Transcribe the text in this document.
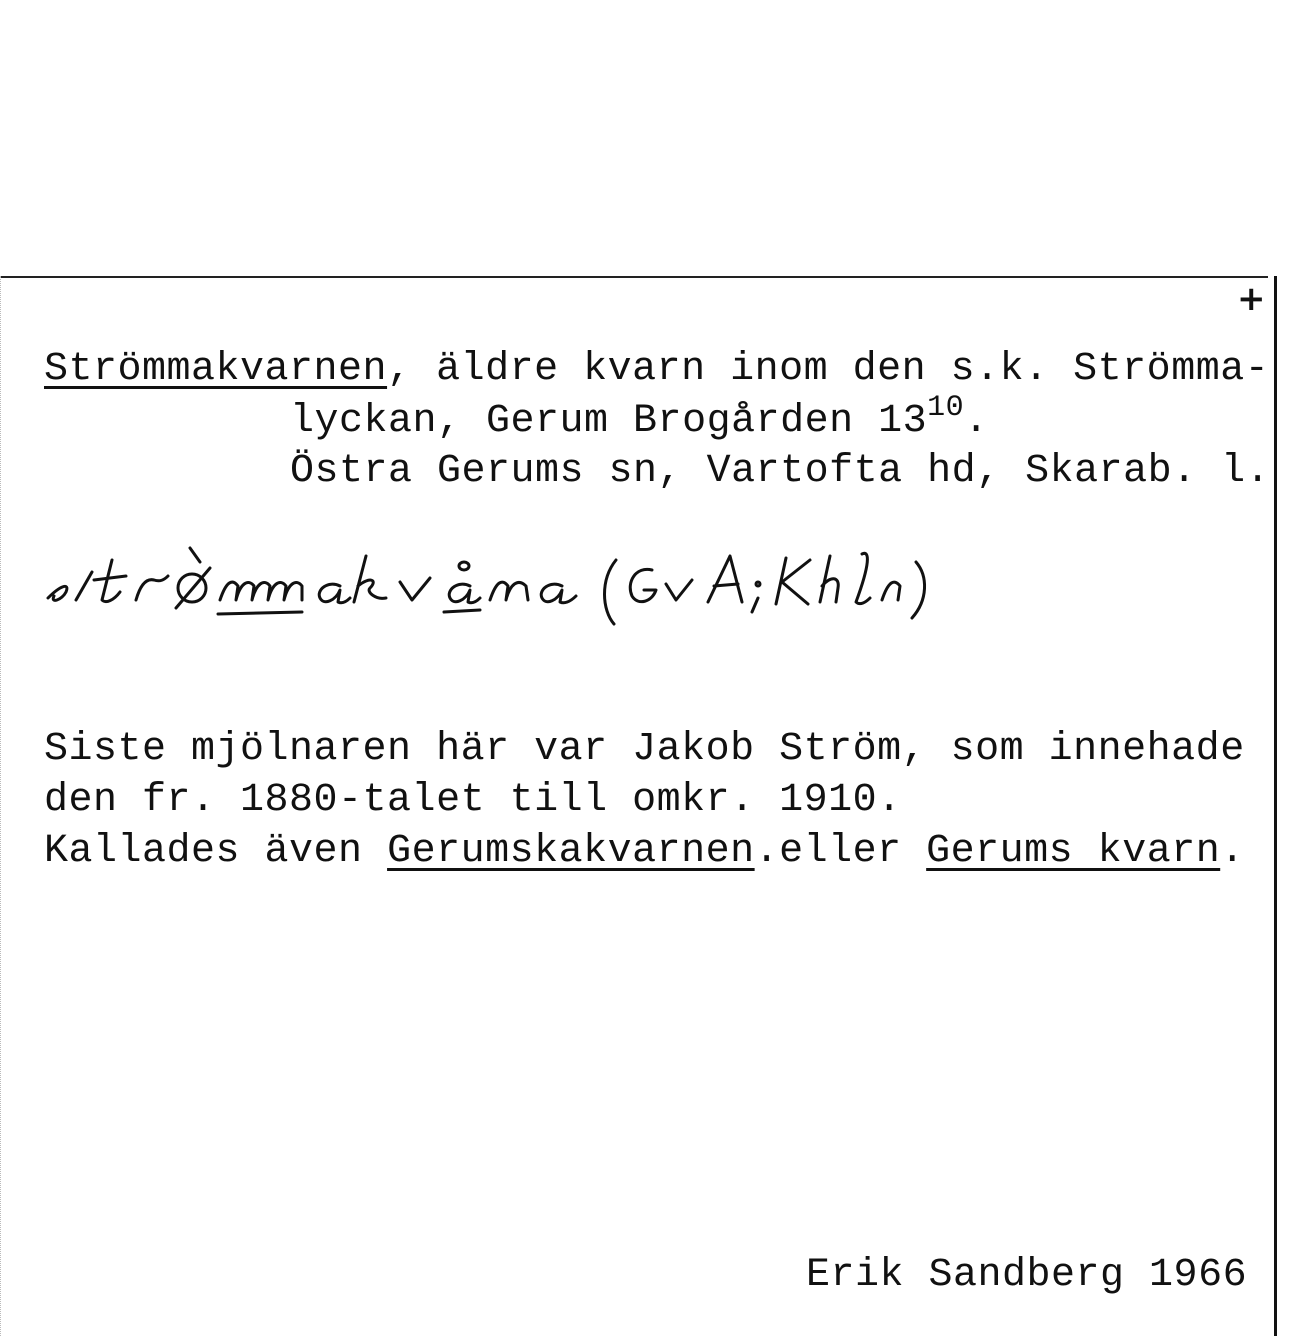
+
Strömmakvarnen, äldre kvarn inom den s.k. Strömma-
lyckan, Gerum Brogården $13^{10}$.
Östra Gerums sn, Vartofta hd, Skarab. l.
Siste mjölnaren här var Jakob Ström, som innehade
den fr. 1880-talet till omkr. 1910.
Kallades även Gerumskakvarnen.eller Gerums kvarn.
Erik Sandberg 1966
